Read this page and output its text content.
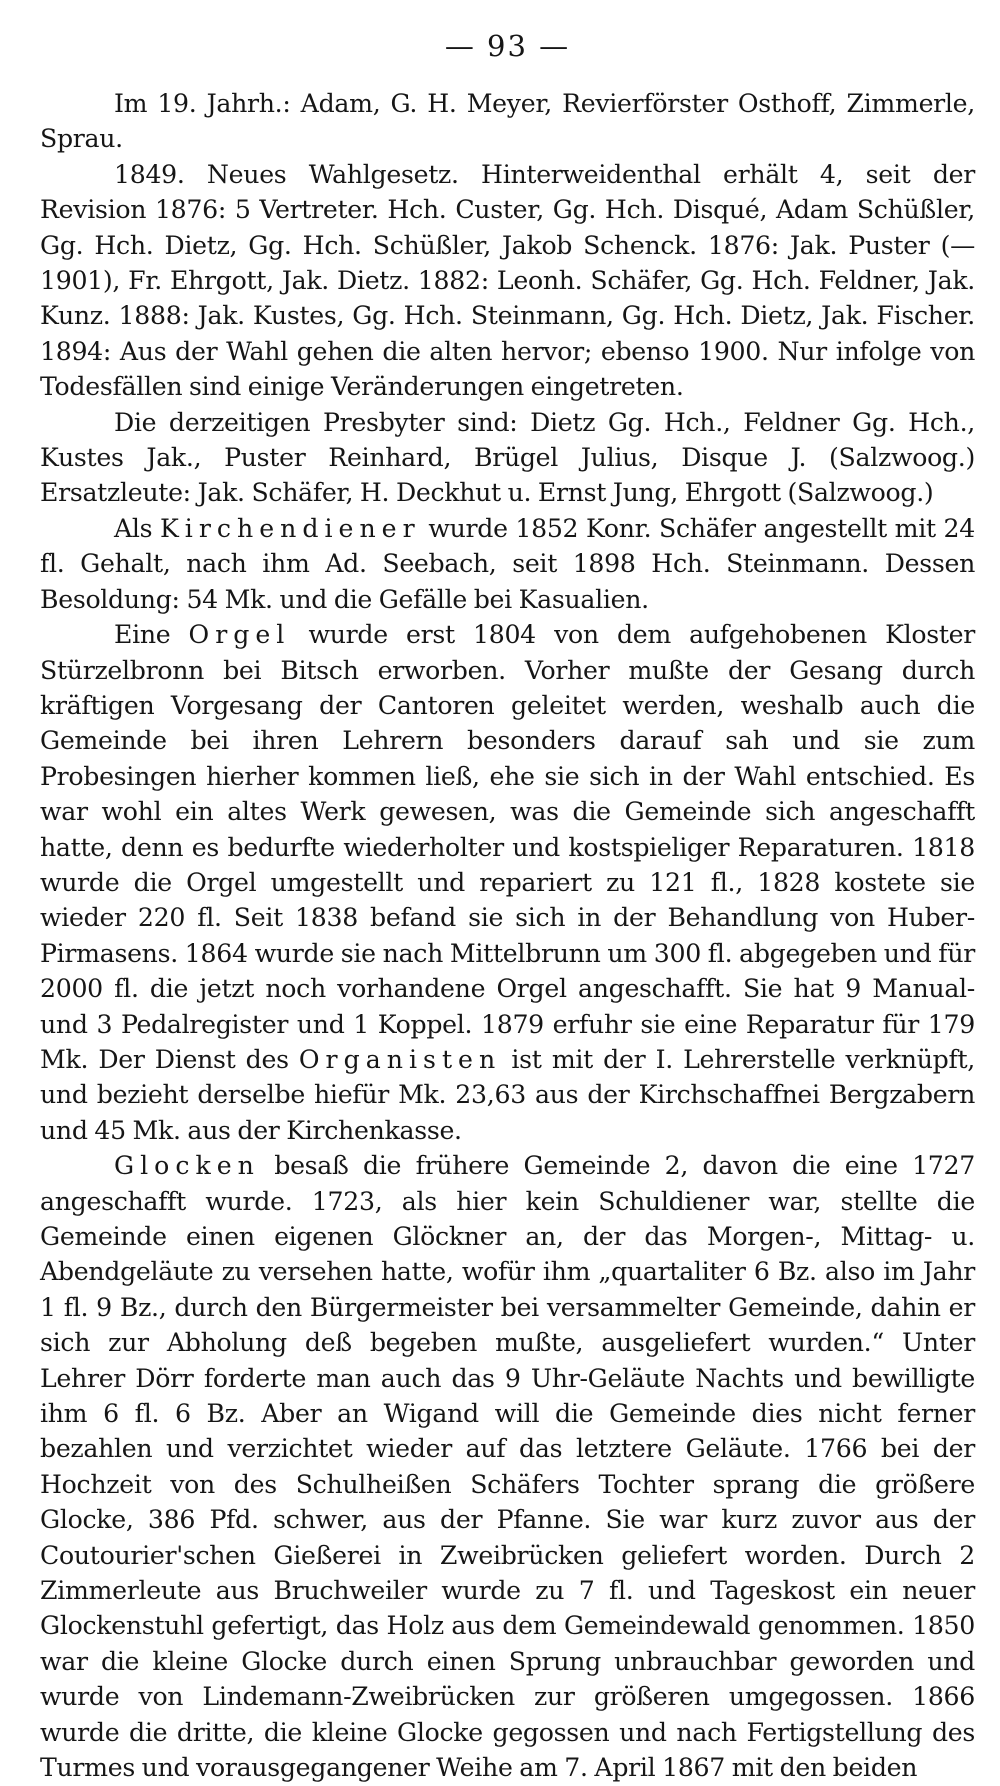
— 93 —

Im 19. Jahrh.: Adam, G. H. Meyer, Revierförster Osthoff, Zimmerle, Sprau.

1849. Neues Wahlgesetz. Hinterweidenthal erhält 4, seit der Revision 1876: 5 Vertreter. Hch. Custer, Gg. Hch. Disqué, Adam Schüßler, Gg. Hch. Dietz, Gg. Hch. Schüßler, Jakob Schenck. 1876: Jak. Puster (— 1901), Fr. Ehrgott, Jak. Dietz. 1882: Leonh. Schäfer, Gg. Hch. Feldner, Jak. Kunz. 1888: Jak. Kustes, Gg. Hch. Steinmann, Gg. Hch. Dietz, Jak. Fischer. 1894: Aus der Wahl gehen die alten hervor; ebenso 1900. Nur infolge von Todesfällen sind einige Veränderungen eingetreten.

Die derzeitigen Presbyter sind: Dietz Gg. Hch., Feldner Gg. Hch., Kustes Jak., Puster Reinhard, Brügel Julius, Disque J. (Salzwoog.) Ersatzleute: Jak. Schäfer, H. Deckhut u. Ernst Jung, Ehrgott (Salzwoog.)

Als Kirchendiener wurde 1852 Konr. Schäfer angestellt mit 24 fl. Gehalt, nach ihm Ad. Seebach, seit 1898 Hch. Steinmann. Dessen Besoldung: 54 Mk. und die Gefälle bei Kasualien.

Eine Orgel wurde erst 1804 von dem aufgehobenen Kloster Stürzelbronn bei Bitsch erworben. Vorher mußte der Gesang durch kräftigen Vorgesang der Cantoren geleitet werden, weshalb auch die Gemeinde bei ihren Lehrern besonders darauf sah und sie zum Probesingen hierher kommen ließ, ehe sie sich in der Wahl entschied. Es war wohl ein altes Werk gewesen, was die Gemeinde sich angeschafft hatte, denn es bedurfte wiederholter und kostspieliger Reparaturen. 1818 wurde die Orgel umgestellt und repariert zu 121 fl., 1828 kostete sie wieder 220 fl. Seit 1838 befand sie sich in der Behandlung von Huber-Pirmasens. 1864 wurde sie nach Mittelbrunn um 300 fl. abgegeben und für 2000 fl. die jetzt noch vorhandene Orgel angeschafft. Sie hat 9 Manual- und 3 Pedalregister und 1 Koppel. 1879 erfuhr sie eine Reparatur für 179 Mk. Der Dienst des Organisten ist mit der I. Lehrerstelle verknüpft, und bezieht derselbe hiefür Mk. 23,63 aus der Kirchschaffnei Bergzabern und 45 Mk. aus der Kirchenkasse.

Glocken besaß die frühere Gemeinde 2, davon die eine 1727 angeschafft wurde. 1723, als hier kein Schuldiener war, stellte die Gemeinde einen eigenen Glöckner an, der das Morgen-, Mittag- u. Abendgeläute zu versehen hatte, wofür ihm „quartaliter 6 Bz. also im Jahr 1 fl. 9 Bz., durch den Bürgermeister bei versammelter Gemeinde, dahin er sich zur Abholung deß begeben mußte, ausgeliefert wurden.“ Unter Lehrer Dörr forderte man auch das 9 Uhr-Geläute Nachts und bewilligte ihm 6 fl. 6 Bz. Aber an Wigand will die Gemeinde dies nicht ferner bezahlen und verzichtet wieder auf das letztere Geläute. 1766 bei der Hochzeit von des Schulheißen Schäfers Tochter sprang die größere Glocke, 386 Pfd. schwer, aus der Pfanne. Sie war kurz zuvor aus der Coutourier'schen Gießerei in Zweibrücken geliefert worden. Durch 2 Zimmerleute aus Bruchweiler wurde zu 7 fl. und Tageskost ein neuer Glockenstuhl gefertigt, das Holz aus dem Gemeindewald genommen. 1850 war die kleine Glocke durch einen Sprung unbrauchbar geworden und wurde von Lindemann-Zweibrücken zur größeren umgegossen. 1866 wurde die dritte, die kleine Glocke gegossen und nach Fertigstellung des Turmes und vorausgegangener Weihe am 7. April 1867 mit den beiden
